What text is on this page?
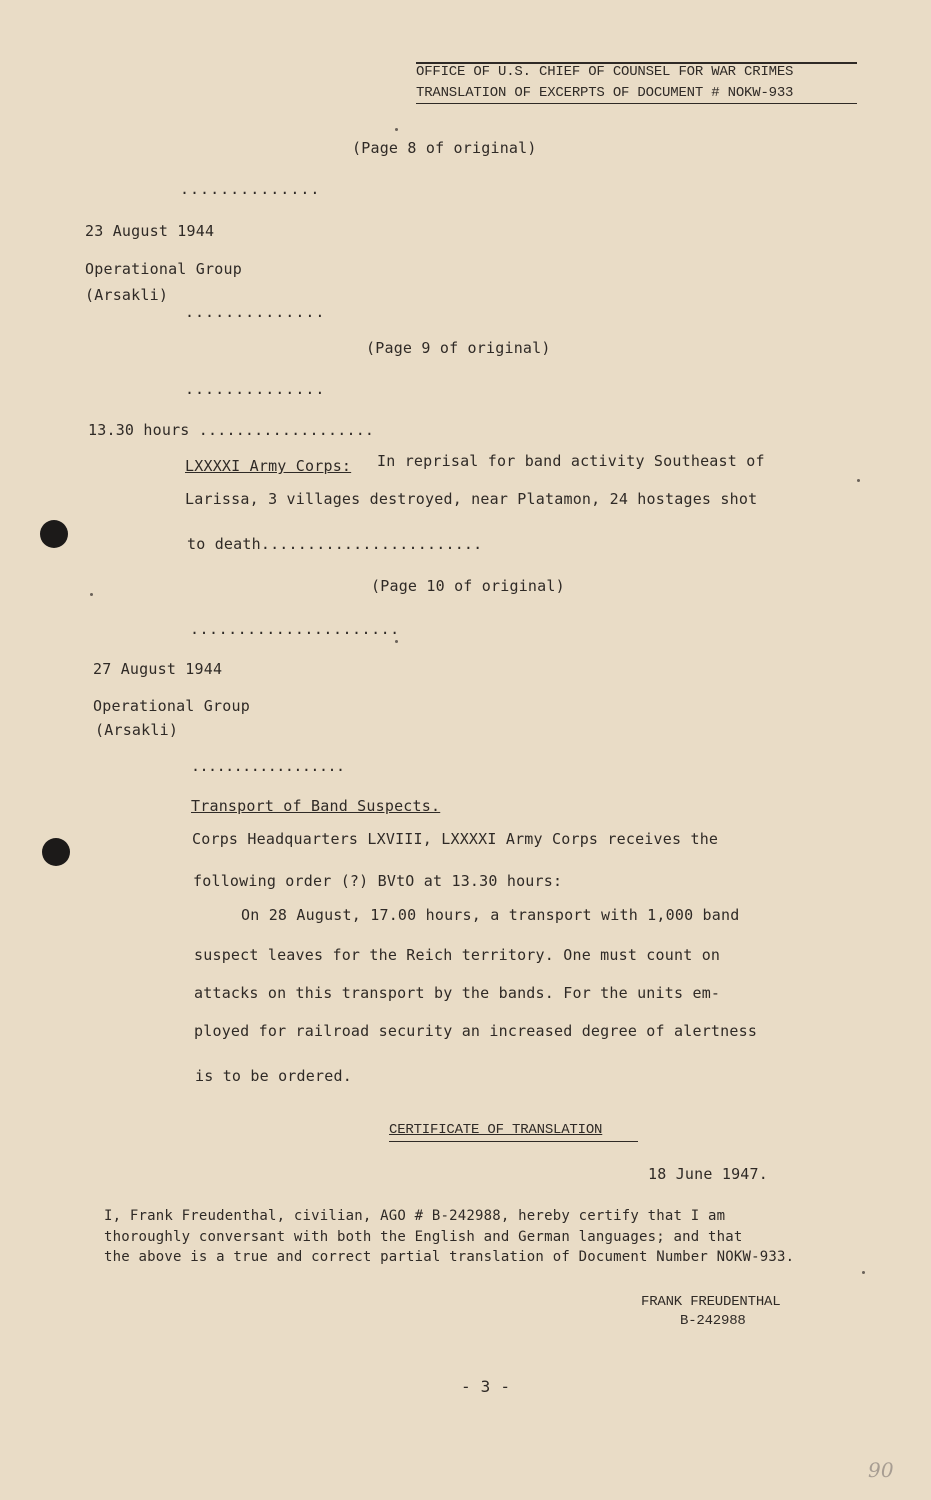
OFFICE OF U.S. CHIEF OF COUNSEL FOR WAR CRIMES
TRANSLATION OF EXCERPTS OF DOCUMENT # NOKW-933
(Page 8 of original)
..............
23 August 1944
Operational Group
(Arsakli)
..............
(Page 9 of original)
..............
13.30 hours ...................
LXXXXI Army Corps: In reprisal for band activity Southeast of
Larissa, 3 villages destroyed, near Platamon, 24 hostages shot
to death........................
(Page 10 of original)
......................
27 August 1944
Operational Group
(Arsakli)
..................
Transport of Band Suspects.
Corps Headquarters LXVIII, LXXXXI Army Corps receives the
following order (?) BVtO at 13.30 hours:
On 28 August, 17.00 hours, a transport with 1,000 band
suspect leaves for the Reich territory. One must count on
attacks on this transport by the bands. For the units em-
ployed for railroad security an increased degree of alertness
is to be ordered.
CERTIFICATE OF TRANSLATION
18 June 1947.
I, Frank Freudenthal, civilian, AGO # B-242988, hereby certify that I am
thoroughly conversant with both the English and German languages; and that
the above is a true and correct partial translation of Document Number NOKW-933.
FRANK FREUDENTHAL
B-242988
- 3 -
90
